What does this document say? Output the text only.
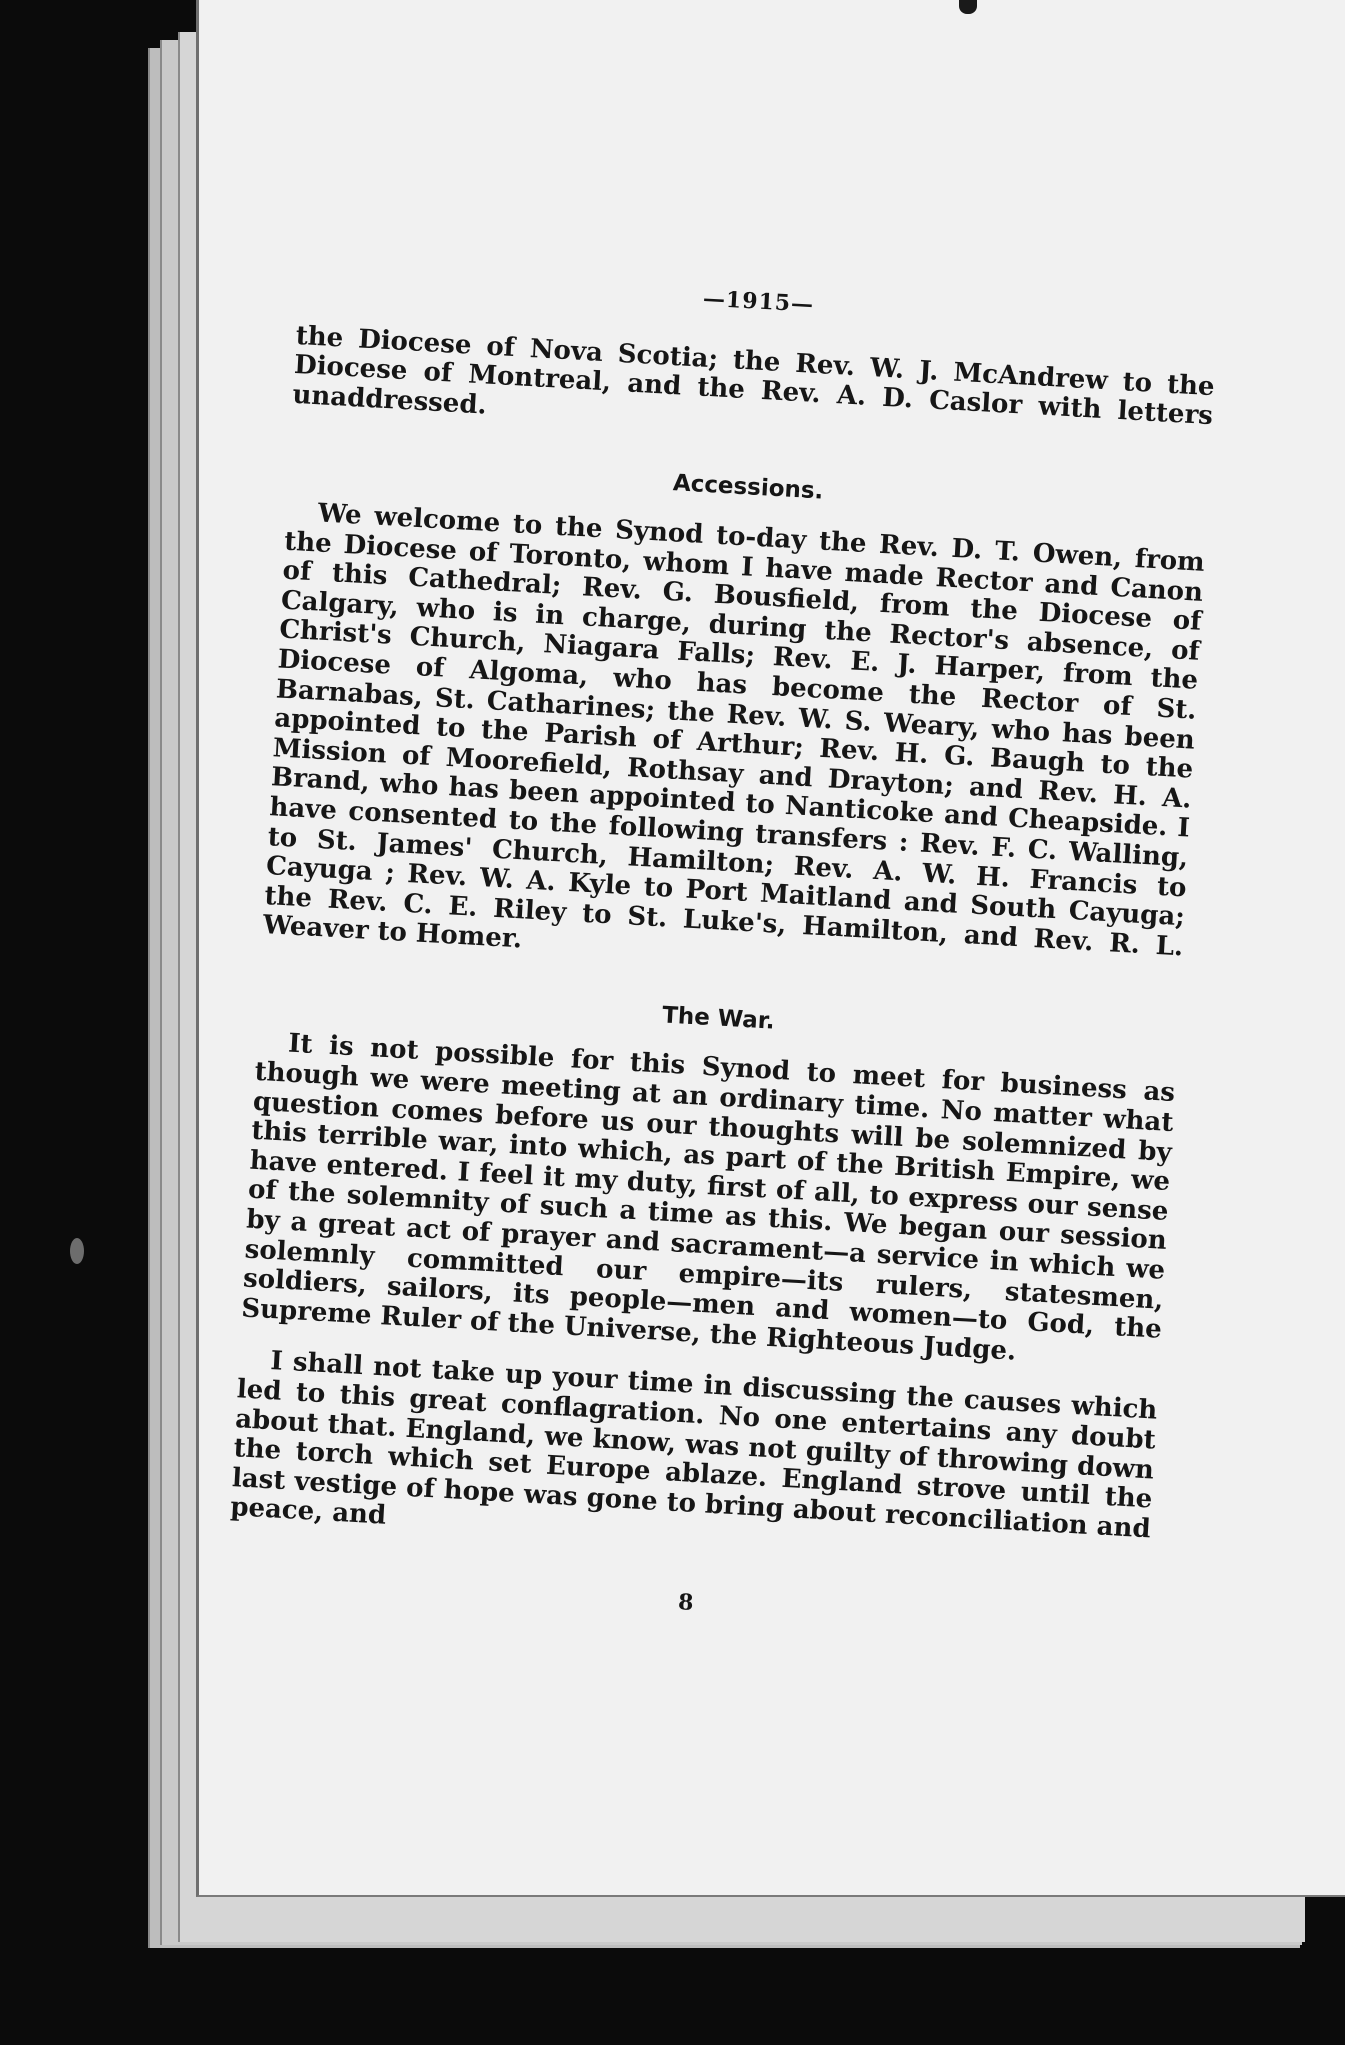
—1915—

the Diocese of Nova Scotia; the Rev. W. J. McAndrew to the Diocese of Montreal, and the Rev. A. D. Caslor with letters unaddressed.

Accessions.

We welcome to the Synod to-day the Rev. D. T. Owen, from the Diocese of Toronto, whom I have made Rector and Canon of this Cathedral; Rev. G. Bousfield, from the Diocese of Calgary, who is in charge, during the Rector's absence, of Christ's Church, Niagara Falls; Rev. E. J. Harper, from the Diocese of Algoma, who has become the Rector of St. Barnabas, St. Catharines; the Rev. W. S. Weary, who has been appointed to the Parish of Arthur; Rev. H. G. Baugh to the Mission of Moorefield, Rothsay and Drayton; and Rev. H. A. Brand, who has been appointed to Nanticoke and Cheapside. I have consented to the following transfers : Rev. F. C. Walling, to St. James' Church, Hamilton; Rev. A. W. H. Francis to Cayuga ; Rev. W. A. Kyle to Port Maitland and South Cayuga; the Rev. C. E. Riley to St. Luke's, Hamilton, and Rev. R. L. Weaver to Homer.

The War.

It is not possible for this Synod to meet for business as though we were meeting at an ordinary time. No matter what question comes before us our thoughts will be solemnized by this terrible war, into which, as part of the British Empire, we have entered. I feel it my duty, first of all, to express our sense of the solemnity of such a time as this. We began our session by a great act of prayer and sacrament—a service in which we solemnly committed our empire—its rulers, statesmen, soldiers, sailors, its people—men and women—to God, the Supreme Ruler of the Universe, the Righteous Judge.

I shall not take up your time in discussing the causes which led to this great conflagration. No one entertains any doubt about that. England, we know, was not guilty of throwing down the torch which set Europe ablaze. England strove until the last vestige of hope was gone to bring about reconciliation and peace, and

8
